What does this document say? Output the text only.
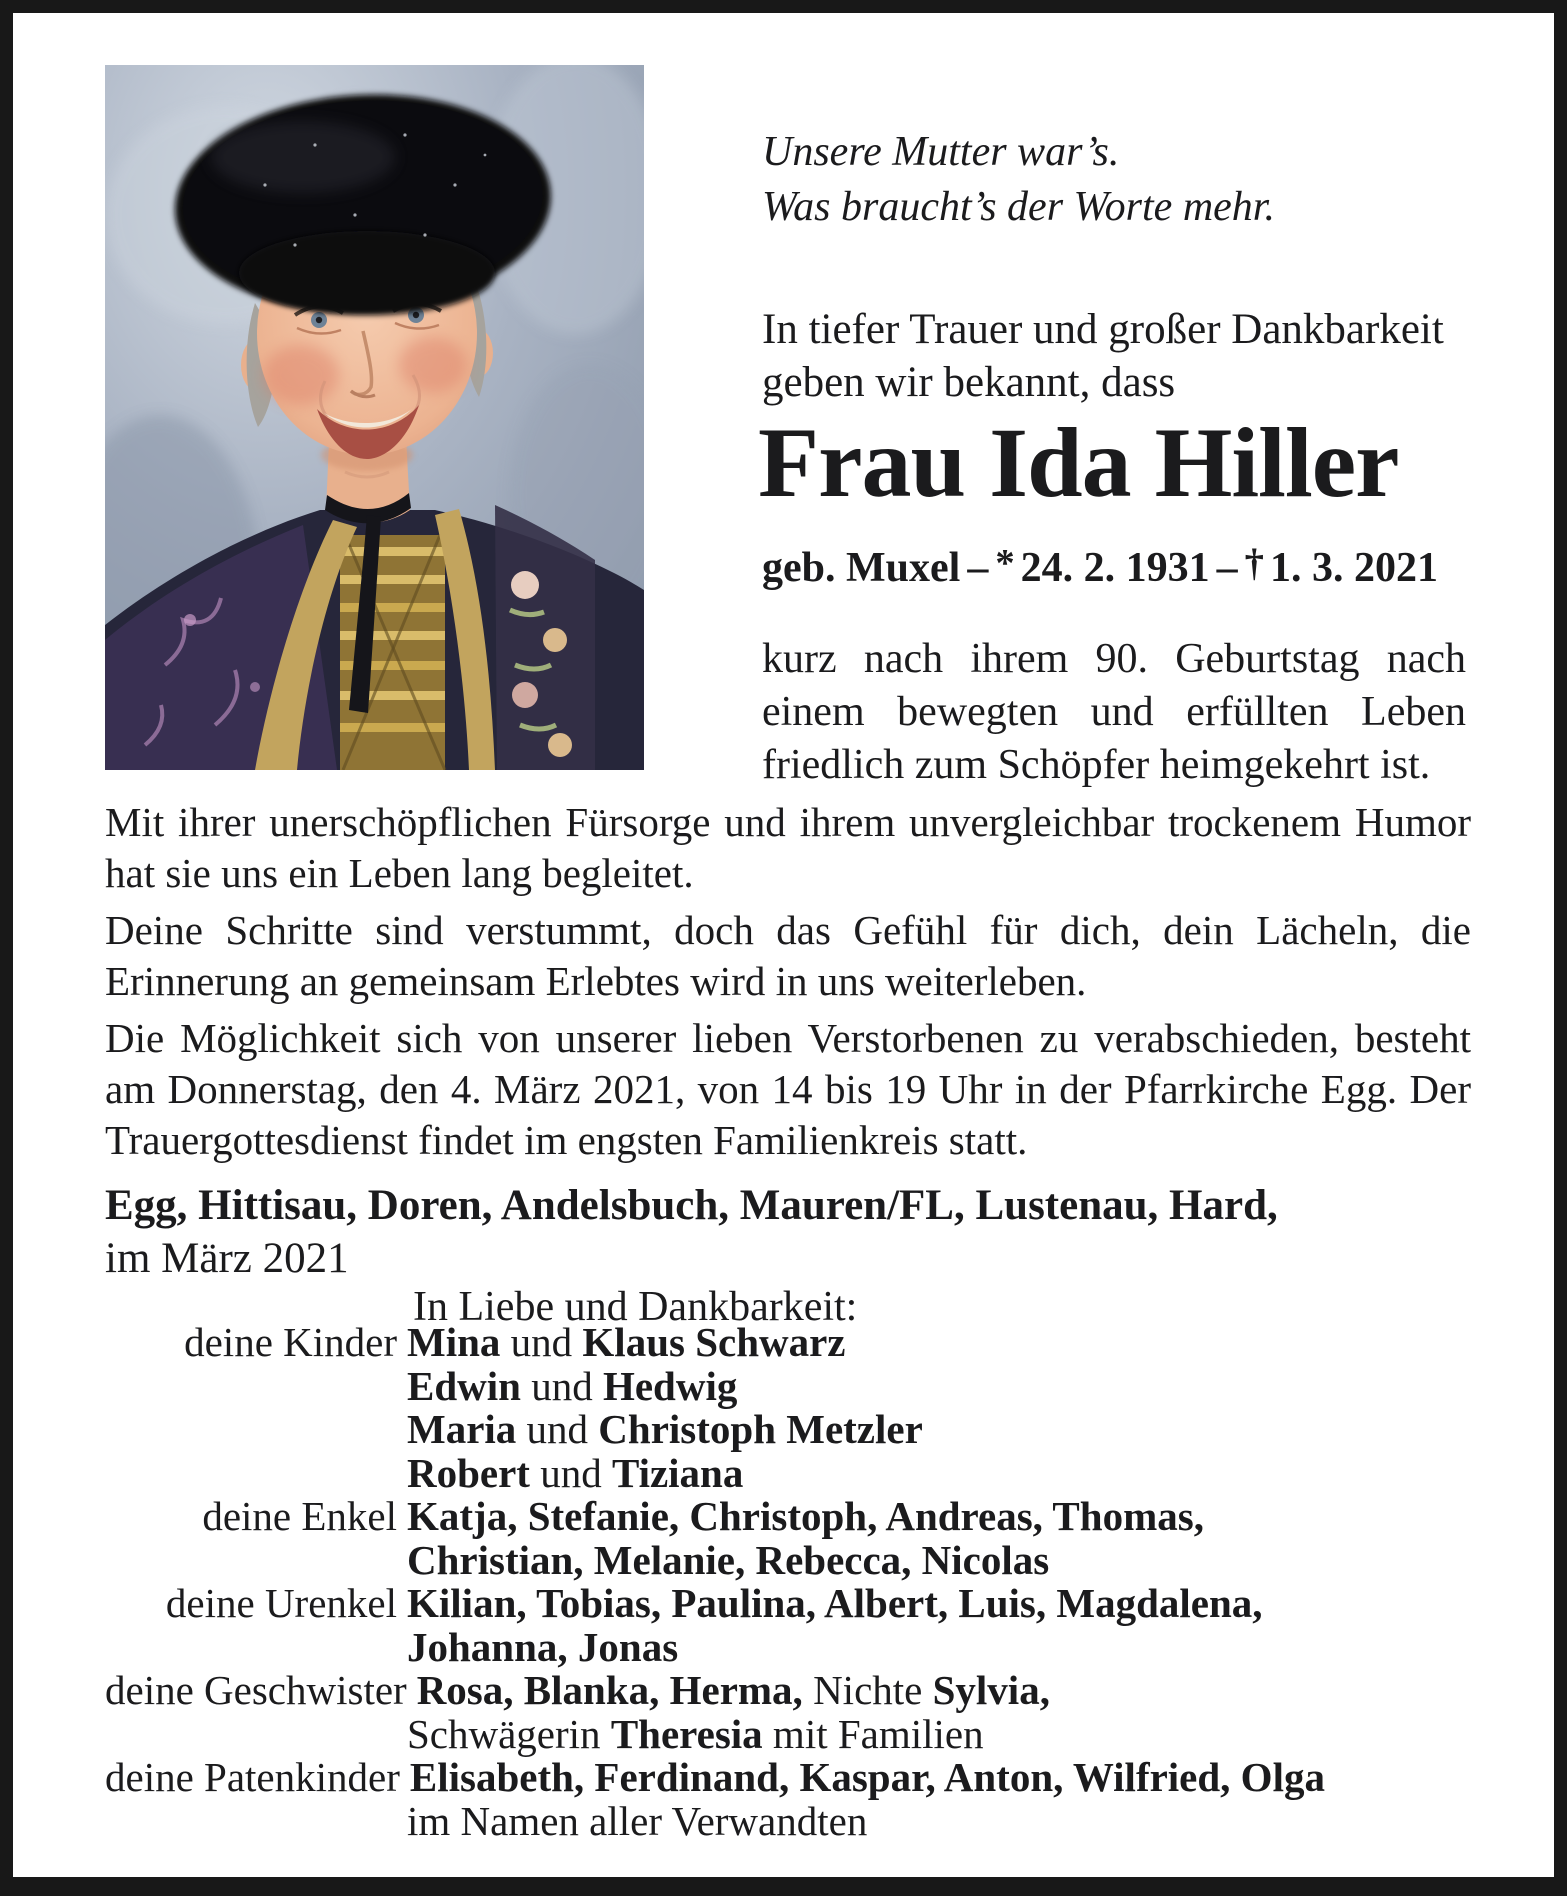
Unsere Mutter war’s.
Was braucht’s der Worte mehr.
In tiefer Trauer und großer Dankbarkeit
geben wir bekannt, dass
Frau Ida Hiller
geb. Muxel – * 24. 2. 1931 – † 1. 3. 2021
kurz nach ihrem 90. Geburtstag nach einem bewegten und erfüllten Leben friedlich zum Schöpfer heimgekehrt ist.

Mit ihrer unerschöpflichen Fürsorge und ihrem unvergleichbar trockenem Humor hat sie uns ein Leben lang begleitet.

Deine Schritte sind verstummt, doch das Gefühl für dich, dein Lächeln, die Erinnerung an gemeinsam Erlebtes wird in uns weiterleben.

Die Möglichkeit sich von unserer lieben Verstorbenen zu verabschieden, besteht am Donnerstag, den 4. März 2021, von 14 bis 19 Uhr in der Pfarrkirche Egg. Der Trauergottesdienst findet im engsten Familienkreis statt.

Egg, Hittisau, Doren, Andelsbuch, Mauren/FL, Lustenau, Hard,
im März 2021
In Liebe und Dankbarkeit:
deine Kinder Mina und Klaus Schwarz
Edwin und Hedwig
Maria und Christoph Metzler
Robert und Tiziana
deine Enkel Katja, Stefanie, Christoph, Andreas, Thomas,
Christian, Melanie, Rebecca, Nicolas
deine Urenkel Kilian, Tobias, Paulina, Albert, Luis, Magdalena,
Johanna, Jonas
deine Geschwister Rosa, Blanka, Herma, Nichte Sylvia,
Schwägerin Theresia mit Familien
deine Patenkinder Elisabeth, Ferdinand, Kaspar, Anton, Wilfried, Olga
im Namen aller Verwandten
